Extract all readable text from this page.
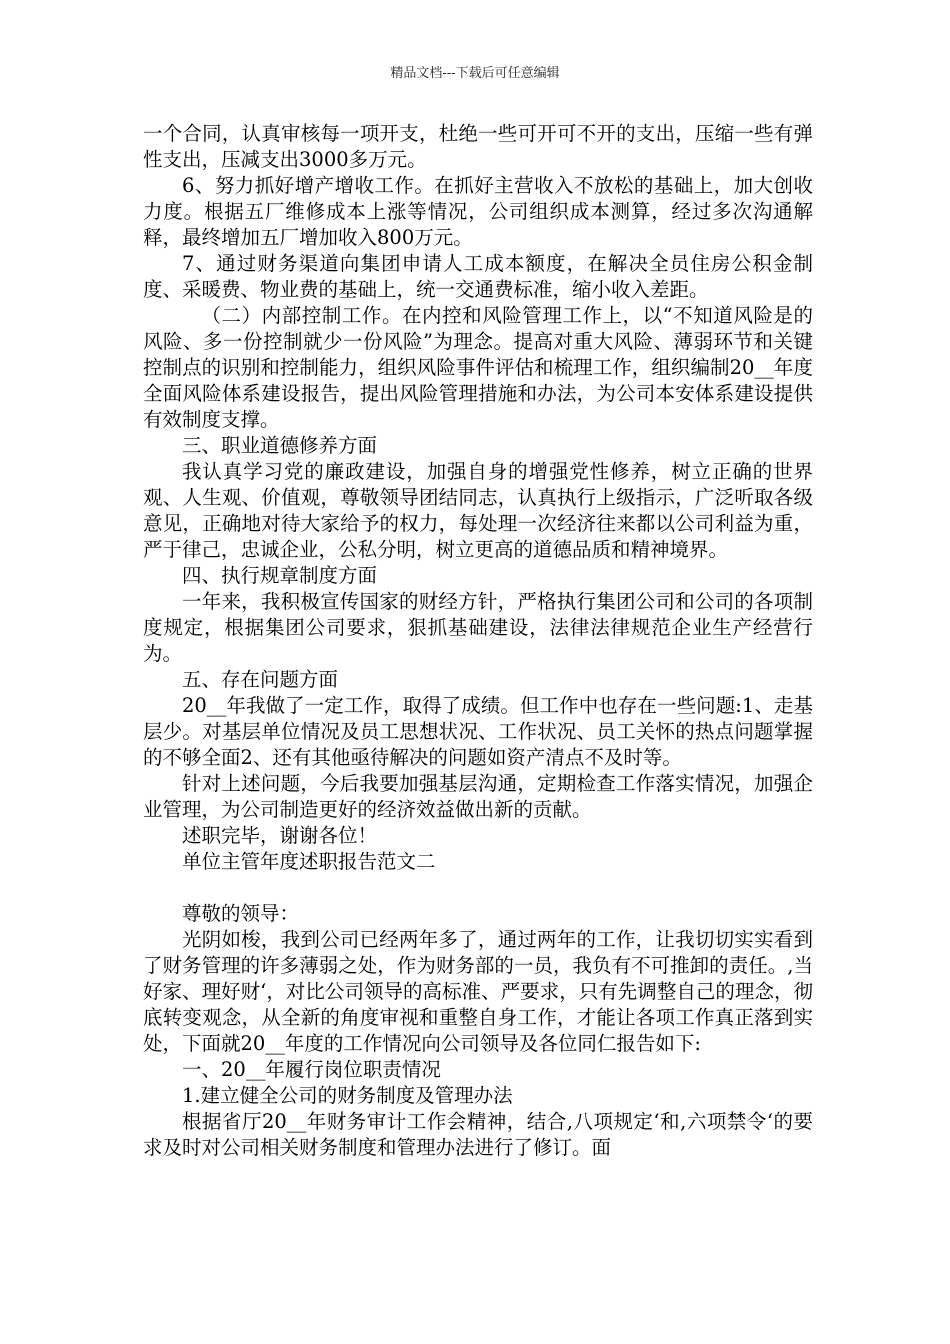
精品文档---下载后可任意编辑

一个合同，认真审核每一项开支，杜绝一些可开可不开的支出，压缩一些有弹性支出，压减支出3000多万元。

6、努力抓好增产增收工作。在抓好主营收入不放松的基础上，加大创收力度。根据五厂维修成本上涨等情况，公司组织成本测算，经过多次沟通解释，最终增加五厂增加收入800万元。

7、通过财务渠道向集团申请人工成本额度，在解决全员住房公积金制度、采暖费、物业费的基础上，统一交通费标准，缩小收入差距。

（二）内部控制工作。在内控和风险管理工作上，以“不知道风险是的风险、多一份控制就少一份风险”为理念。提高对重大风险、薄弱环节和关键控制点的识别和控制能力，组织风险事件评估和梳理工作，组织编制20__年度全面风险体系建设报告，提出风险管理措施和办法，为公司本安体系建设提供有效制度支撑。

三、职业道德修养方面

我认真学习党的廉政建设，加强自身的增强党性修养，树立正确的世界观、人生观、价值观，尊敬领导团结同志，认真执行上级指示，广泛听取各级意见，正确地对待大家给予的权力，每处理一次经济往来都以公司利益为重，严于律己，忠诚企业，公私分明，树立更高的道德品质和精神境界。

四、执行规章制度方面

一年来，我积极宣传国家的财经方针，严格执行集团公司和公司的各项制度规定，根据集团公司要求，狠抓基础建设，法律法律规范企业生产经营行为。

五、存在问题方面

20__年我做了一定工作，取得了成绩。但工作中也存在一些问题:1、走基层少。对基层单位情况及员工思想状况、工作状况、员工关怀的热点问题掌握的不够全面2、还有其他亟待解决的问题如资产清点不及时等。

针对上述问题，今后我要加强基层沟通，定期检查工作落实情况，加强企业管理，为公司制造更好的经济效益做出新的贡献。

述职完毕，谢谢各位！

单位主管年度述职报告范文二

尊敬的领导：

光阴如梭，我到公司已经两年多了，通过两年的工作，让我切切实实看到了财务管理的许多薄弱之处，作为财务部的一员，我负有不可推卸的责任。,当好家、理好财‘，对比公司领导的高标准、严要求，只有先调整自己的理念，彻底转变观念，从全新的角度审视和重整自身工作，才能让各项工作真正落到实处，下面就20__年度的工作情况向公司领导及各位同仁报告如下:

一、20__年履行岗位职责情况

1.建立健全公司的财务制度及管理办法

根据省厅20__年财务审计工作会精神，结合,八项规定‘和,六项禁令‘的要求及时对公司相关财务制度和管理办法进行了修订。面
